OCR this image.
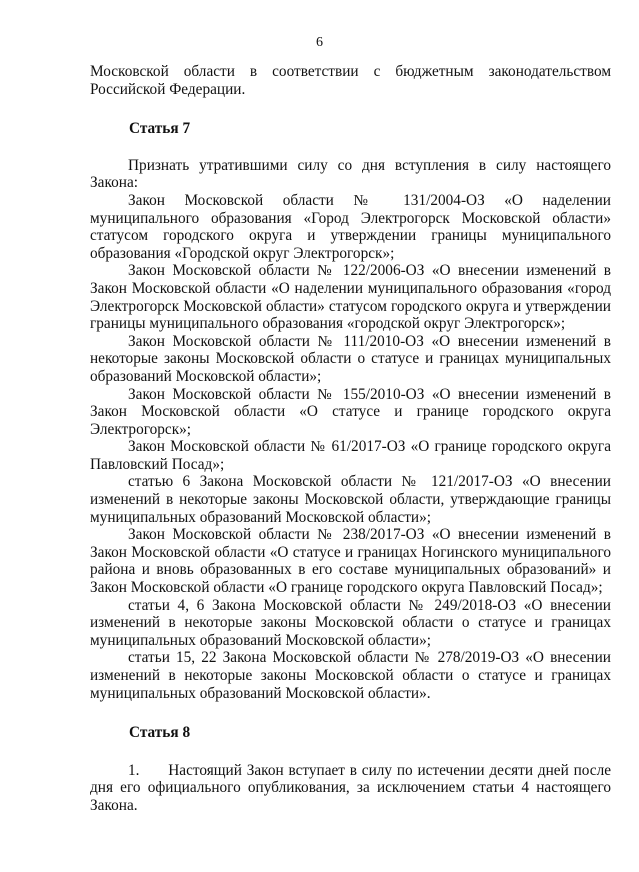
6

Московской области в соответствии с бюджетным законодательством Российской Федерации.

Статья 7

Признать утратившими силу со дня вступления в силу настоящего Закона:

Закон Московской области № 131/2004-ОЗ «О наделении муниципального образования «Город Электрогорск Московской области» статусом городского округа и утверждении границы муниципального образования «Городской округ Электрогорск»;

Закон Московской области № 122/2006-ОЗ «О внесении изменений в Закон Московской области «О наделении муниципального образования «город Электрогорск Московской области» статусом городского округа и утверждении границы муниципального образования «городской округ Электрогорск»;

Закон Московской области № 111/2010-ОЗ «О внесении изменений в некоторые законы Московской области о статусе и границах муниципальных образований Московской области»;

Закон Московской области № 155/2010-ОЗ «О внесении изменений в Закон Московской области «О статусе и границе городского округа Электрогорск»;

Закон Московской области № 61/2017-ОЗ «О границе городского округа Павловский Посад»;

статью 6 Закона Московской области № 121/2017-ОЗ «О внесении изменений в некоторые законы Московской области, утверждающие границы муниципальных образований Московской области»;

Закон Московской области № 238/2017-ОЗ «О внесении изменений в Закон Московской области «О статусе и границах Ногинского муниципального района и вновь образованных в его составе муниципальных образований» и Закон Московской области «О границе городского округа Павловский Посад»;

статьи 4, 6 Закона Московской области № 249/2018-ОЗ «О внесении изменений в некоторые законы Московской области о статусе и границах муниципальных образований Московской области»;

статьи 15, 22 Закона Московской области № 278/2019-ОЗ «О внесении изменений в некоторые законы Московской области о статусе и границах муниципальных образований Московской области».

Статья 8

1.      Настоящий Закон вступает в силу по истечении десяти дней после дня его официального опубликования, за исключением статьи 4 настоящего Закона.
